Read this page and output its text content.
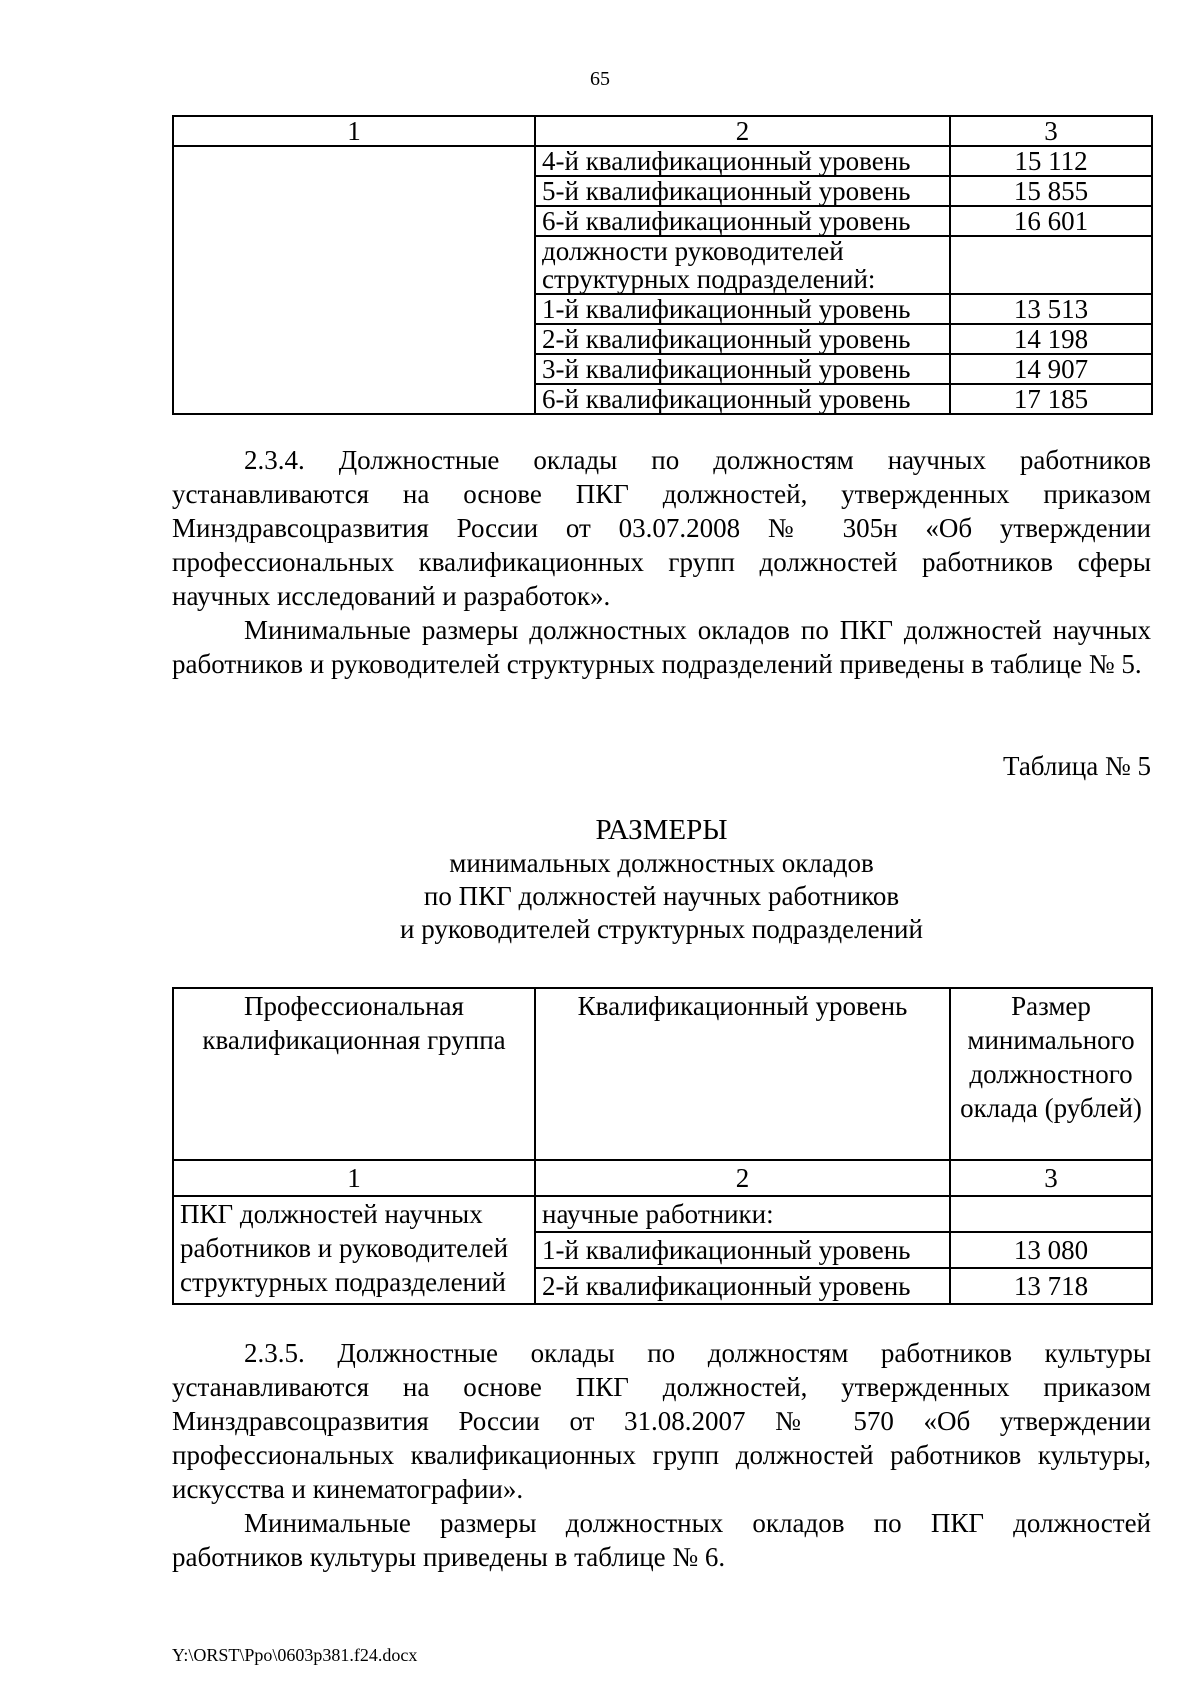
65
1	2	3
	4-й квалификационный уровень	15 112
	5-й квалификационный уровень	15 855
	6-й квалификационный уровень	16 601
	должности руководителей структурных подразделений:	
	1-й квалификационный уровень	13 513
	2-й квалификационный уровень	14 198
	3-й квалификационный уровень	14 907
	6-й квалификационный уровень	17 185

2.3.4. Должностные оклады по должностям научных работников устанавливаются на основе ПКГ должностей, утвержденных приказом Минздравсоцразвития России от 03.07.2008 № 305н «Об утверждении профессиональных квалификационных групп должностей работников сферы научных исследований и разработок».

Минимальные размеры должностных окладов по ПКГ должностей научных работников и руководителей структурных подразделений приведены в таблице № 5.

Таблица № 5
РАЗМЕРЫ
минимальных должностных окладов
по ПКГ должностей научных работников
и руководителей структурных подразделений
Профессиональная квалификационная группа	Квалификационный уровень	Размер минимального должностного оклада (рублей)
1	2	3
ПКГ должностей научных работников и руководителей структурных подразделений	научные работники:	
	1-й квалификационный уровень	13 080
	2-й квалификационный уровень	13 718

2.3.5. Должностные оклады по должностям работников культуры устанавливаются на основе ПКГ должностей, утвержденных приказом Минздравсоцразвития России от 31.08.2007 № 570 «Об утверждении профессиональных квалификационных групп должностей работников культуры, искусства и кинематографии».

Минимальные размеры должностных окладов по ПКГ должностей работников культуры приведены в таблице № 6.

Y:\ORST\Ppo\0603p381.f24.docx
